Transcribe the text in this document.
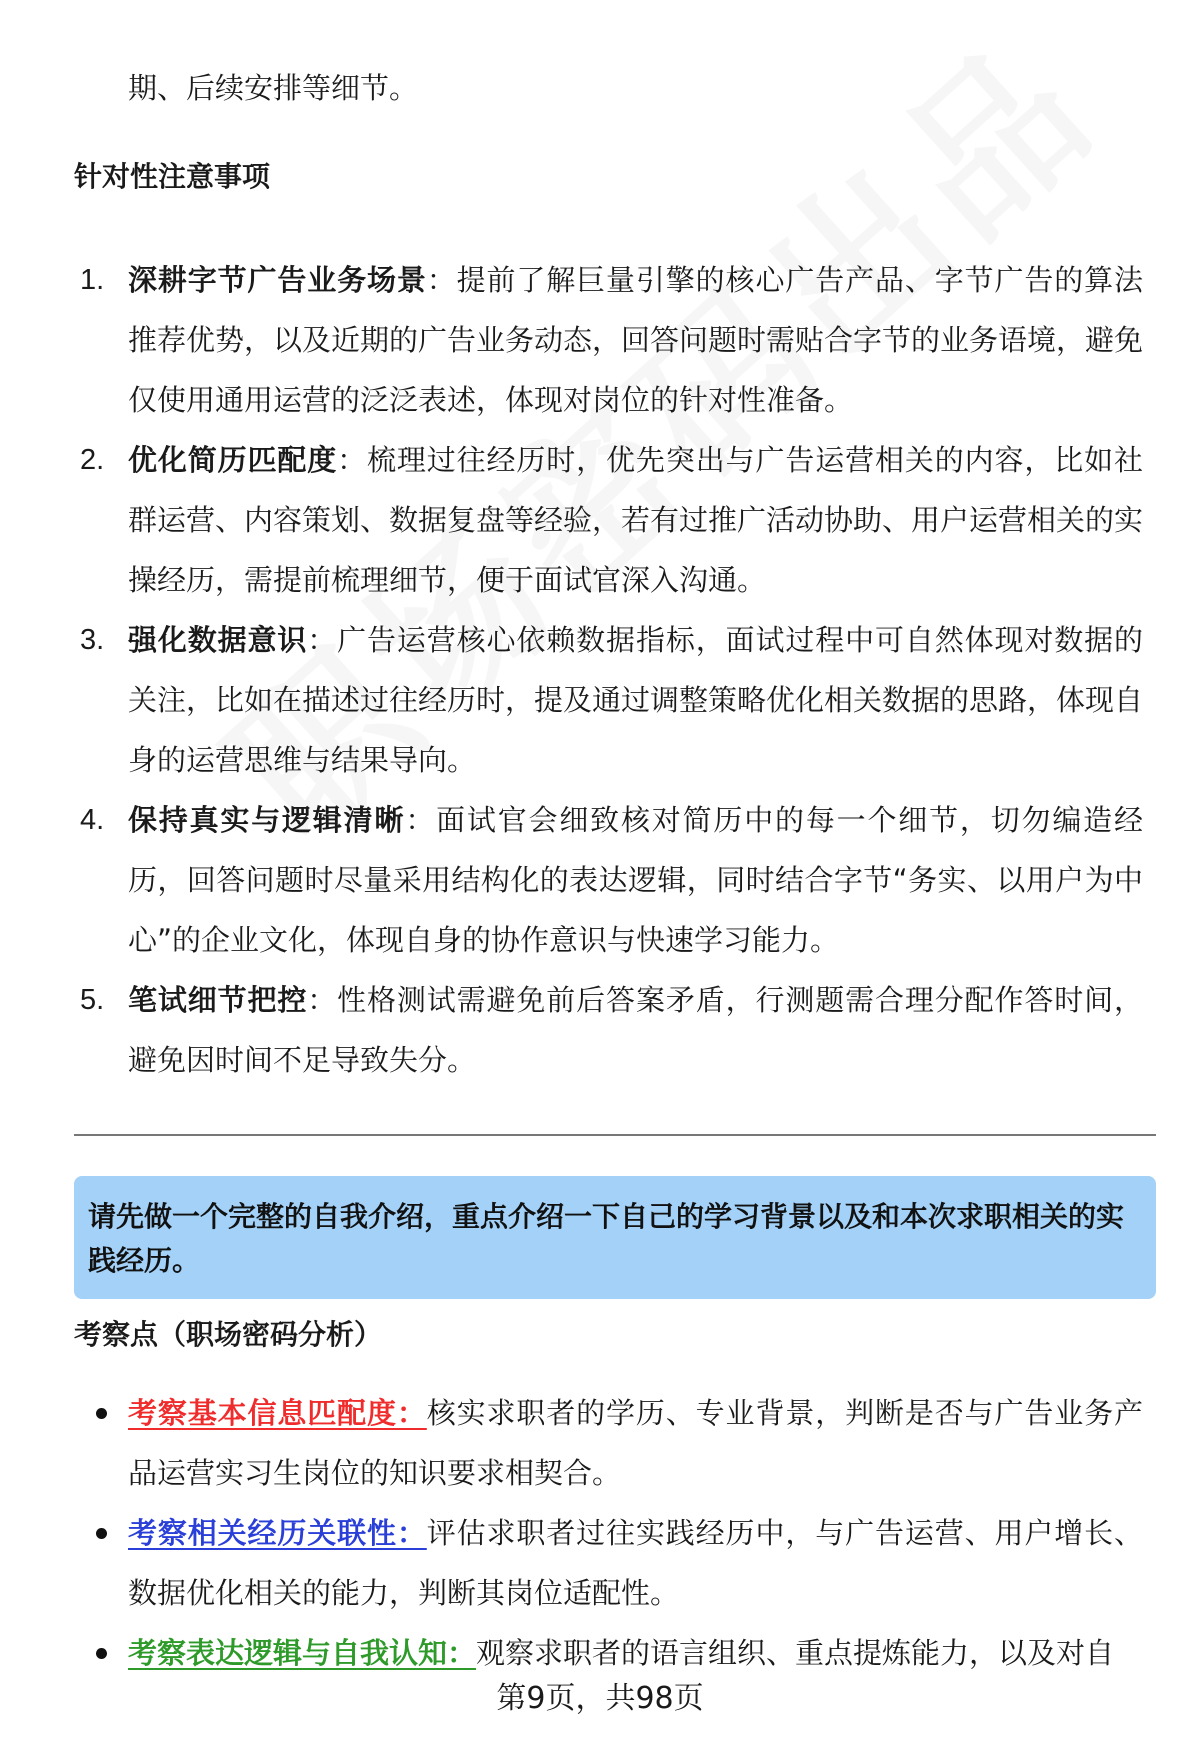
期、后续安排等细节。
针对性注意事项
1. 深耕字节广告业务场景：提前了解巨量引擎的核心广告产品、字节广告的算法推荐优势，以及近期的广告业务动态，回答问题时需贴合字节的业务语境，避免仅使用通用运营的泛泛表述，体现对岗位的针对性准备。

2. 优化简历匹配度：梳理过往经历时，优先突出与广告运营相关的内容，比如社群运营、内容策划、数据复盘等经验，若有过推广活动协助、用户运营相关的实操经历，需提前梳理细节，便于面试官深入沟通。

3. 强化数据意识：广告运营核心依赖数据指标，面试过程中可自然体现对数据的关注，比如在描述过往经历时，提及通过调整策略优化相关数据的思路，体现自身的运营思维与结果导向。

4. 保持真实与逻辑清晰：面试官会细致核对简历中的每一个细节，切勿编造经历，回答问题时尽量采用结构化的表达逻辑，同时结合字节“务实、以用户为中心”的企业文化，体现自身的协作意识与快速学习能力。

5. 笔试细节把控：性格测试需避免前后答案矛盾，行测题需合理分配作答时间，避免因时间不足导致失分。

请先做一个完整的自我介绍，重点介绍一下自己的学习背景以及和本次求职相关的实践经历。

考察点（职场密码分析）

考察基本信息匹配度：核实求职者的学历、专业背景，判断是否与广告业务产品运营实习生岗位的知识要求相契合。

考察相关经历关联性：评估求职者过往实践经历中，与广告运营、用户增长、数据优化相关的能力，判断其岗位适配性。

考察表达逻辑与自我认知：观察求职者的语言组织、重点提炼能力，以及对自

第9页，共98页
